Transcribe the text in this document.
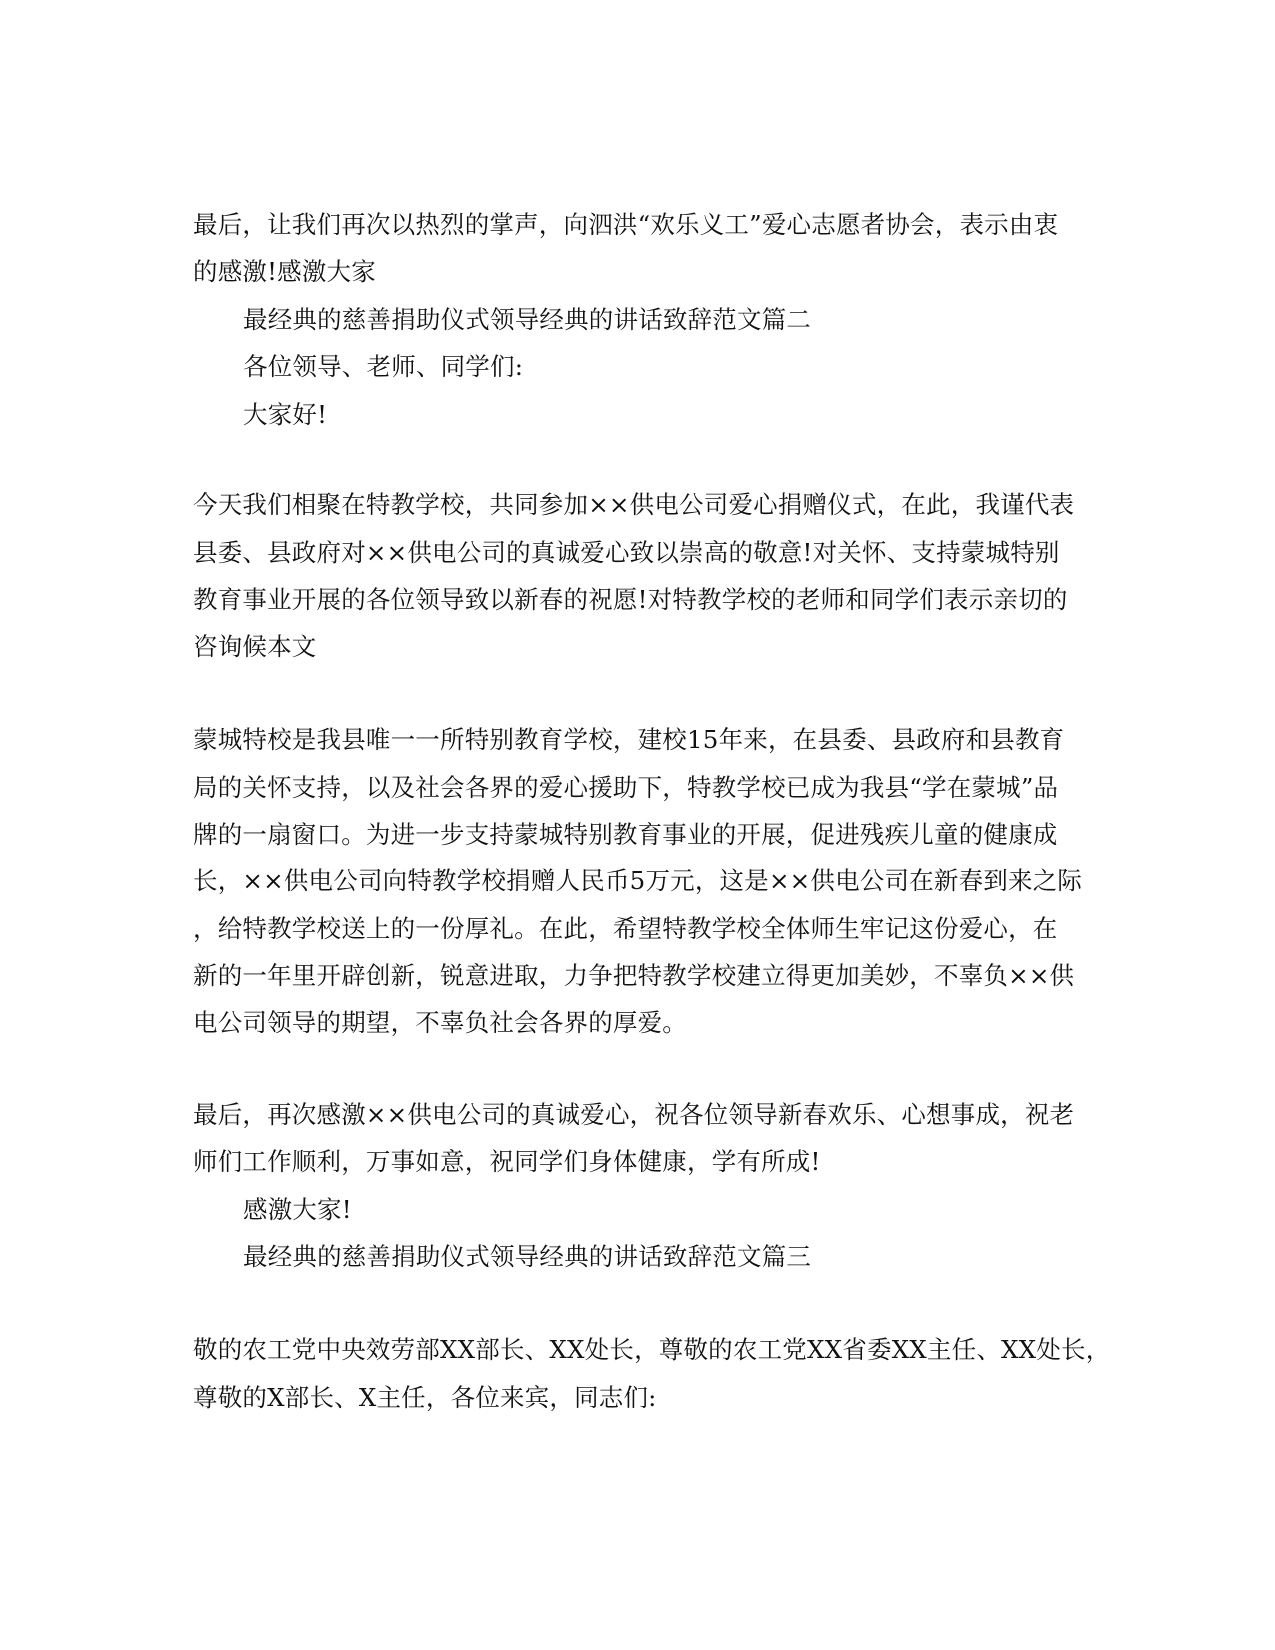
最后，让我们再次以热烈的掌声，向泗洪“欢乐义工”爱心志愿者协会，表示由衷
的感激!感激大家
最经典的慈善捐助仪式领导经典的讲话致辞范文篇二
各位领导、老师、同学们:
大家好!
今天我们相聚在特教学校，共同参加××供电公司爱心捐赠仪式，在此，我谨代表
县委、县政府对××供电公司的真诚爱心致以崇高的敬意!对关怀、支持蒙城特别
教育事业开展的各位领导致以新春的祝愿!对特教学校的老师和同学们表示亲切的
咨询候本文
蒙城特校是我县唯一一所特别教育学校，建校15年来，在县委、县政府和县教育
局的关怀支持，以及社会各界的爱心援助下，特教学校已成为我县“学在蒙城”品
牌的一扇窗口。为进一步支持蒙城特别教育事业的开展，促进残疾儿童的健康成
长，××供电公司向特教学校捐赠人民币5万元，这是××供电公司在新春到来之际
，给特教学校送上的一份厚礼。在此，希望特教学校全体师生牢记这份爱心，在
新的一年里开辟创新，锐意进取，力争把特教学校建立得更加美妙，不辜负××供
电公司领导的期望，不辜负社会各界的厚爱。
最后，再次感激××供电公司的真诚爱心，祝各位领导新春欢乐、心想事成，祝老
师们工作顺利，万事如意，祝同学们身体健康，学有所成!
感激大家!
最经典的慈善捐助仪式领导经典的讲话致辞范文篇三
敬的农工党中央效劳部XX部长、XX处长，尊敬的农工党XX省委XX主任、XX处长，
尊敬的X部长、X主任，各位来宾，同志们:
